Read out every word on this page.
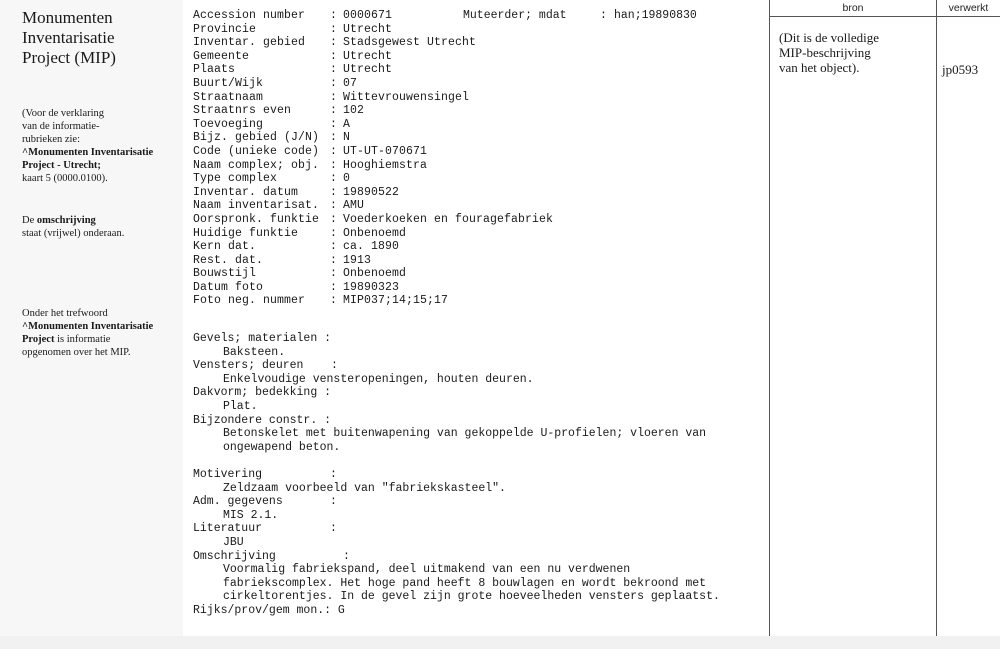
Monumenten
Inventarisatie
Project (MIP)
(Voor de verklaring
van de informatie-
rubrieken zie:
^Monumenten Inventarisatie
Project - Utrecht;
kaart 5 (0000.0100).
De omschrijving
staat (vrijwel) onderaan.
Onder het trefwoord
^Monumenten Inventarisatie
Project is informatie
opgenomen over het MIP.
Muteerder; mdat	: han;19890830
Accession number : 0000671
Provincie	: Utrecht
Inventar. gebied : Stadsgewest Utrecht
Gemeente	: Utrecht
Plaats	: Utrecht
Buurt/Wijk	: 07
Straatnaam	: Wittevrouwensingel
Straatnrs even	: 102
Toevoeging	: A
Bijz. gebied (J/N) : N
Code (unieke code) : UT-UT-070671
Naam complex; obj. : Hooghiemstra
Type complex	: 0
Inventar. datum	: 19890522
Naam inventarisat. : AMU
Oorspronk. funktie : Voederkoeken en fouragefabriek
Huidige funktie	: Onbenoemd
Kern dat.	: ca. 1890
Rest. dat.	: 1913
Bouwstijl	: Onbenoemd
Datum foto	: 19890323
Foto neg. nummer : MIP037;14;15;17
Gevels; materialen :
Baksteen.
Vensters; deuren    :
Enkelvoudige vensteropeningen, houten deuren.
Dakvorm; bedekking :
Plat.
Bijzondere constr. :
Betonskelet met buitenwapening van gekoppelde U-profielen; vloeren van
ongewapend beton.
Motivering	:
Zeldzaam voorbeeld van "fabriekskasteel".
Adm. gegevens	:
MIS 2.1.
Literatuur	:
JBU
Omschrijving	:
Voormalig fabriekspand, deel uitmakend van een nu verdwenen
fabriekscomplex. Het hoge pand heeft 8 bouwlagen en wordt bekroond met
cirkeltorentjes. In de gevel zijn grote hoeveelheden vensters geplaatst.
Rijks/prov/gem mon.: G
bron	verwerkt
(Dit is de volledige
MIP-beschrijving
van het object).	jp0593
